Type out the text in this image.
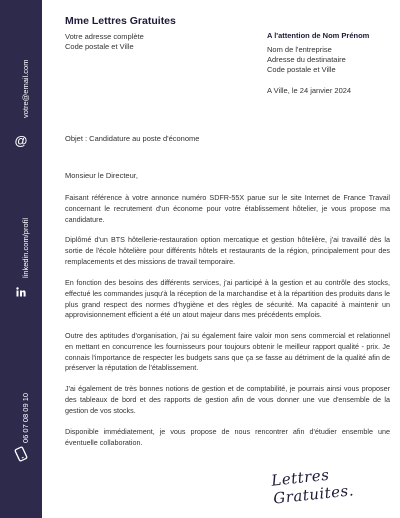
votre@email.com
@
linkedin.com/profil
06 07 08 09 10
Mme Lettres Gratuites
Votre adresse complète
Code postale et Ville
A l'attention de Nom Prénom
Nom de l'entreprise
Adresse du destinataire
Code postale et Ville
A Ville, le 24 janvier 2024
Objet : Candidature au poste d'économe
Monsieur le Directeur,

Faisant référence à votre annonce numéro SDFR-55X parue sur le site Internet de France Travail concernant le recrutement d'un économe pour votre établissement hôtelier, je vous propose ma candidature.

Diplômé d'un BTS hôtellerie-restauration option mercatique et gestion hôtelière, j'ai travaillé dès la sortie de l'école hôtelière pour différents hôtels et restaurants de la région, principalement pour des remplacements et des missions de travail temporaire.

En fonction des besoins des différents services, j'ai participé à la gestion et au contrôle des stocks, effectué les commandes jusqu'à la réception de la marchandise et à la répartition des produits dans le plus grand respect des normes d'hygiène et des règles de sécurité. Ma capacité à maintenir un approvisionnement efficient a été un atout majeur dans mes précédents emplois.

Outre des aptitudes d'organisation, j'ai su également faire valoir mon sens commercial et relationnel en mettant en concurrence les fournisseurs pour toujours obtenir le meilleur rapport qualité - prix. Je connais l'importance de respecter les budgets sans que ça se fasse au détriment de la qualité afin de préserver la réputation de l'établissement.

J'ai également de très bonnes notions de gestion et de comptabilité, je pourrais ainsi vous proposer des tableaux de bord et des rapports de gestion afin de vous donner une vue d'ensemble de la gestion de vos stocks.

Disponible immédiatement, je vous propose de nous rencontrer afin d'étudier ensemble une éventuelle collaboration.

Lettres Gratuites.
